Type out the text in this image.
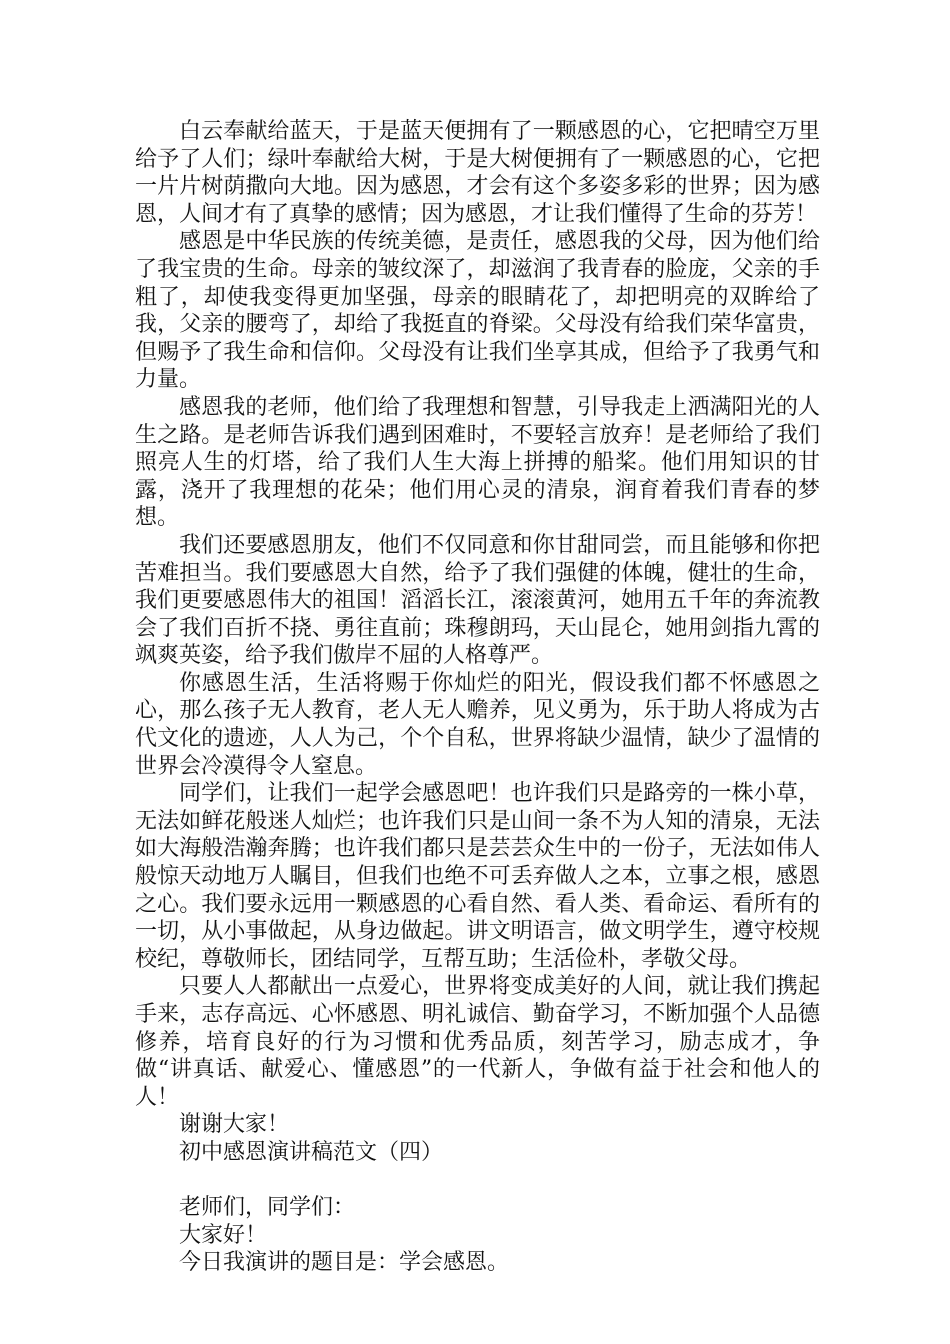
白云奉献给蓝天，于是蓝天便拥有了一颗感恩的心，它把晴空万里给予了人们；绿叶奉献给大树，于是大树便拥有了一颗感恩的心，它把一片片树荫撒向大地。因为感恩，才会有这个多姿多彩的世界；因为感恩，人间才有了真挚的感情；因为感恩，才让我们懂得了生命的芬芳！

感恩是中华民族的传统美德，是责任，感恩我的父母，因为他们给了我宝贵的生命。母亲的皱纹深了，却滋润了我青春的脸庞，父亲的手粗了，却使我变得更加坚强，母亲的眼睛花了，却把明亮的双眸给了我，父亲的腰弯了，却给了我挺直的脊梁。父母没有给我们荣华富贵，但赐予了我生命和信仰。父母没有让我们坐享其成，但给予了我勇气和力量。

感恩我的老师，他们给了我理想和智慧，引导我走上洒满阳光的人生之路。是老师告诉我们遇到困难时，不要轻言放弃！是老师给了我们照亮人生的灯塔，给了我们人生大海上拼搏的船桨。他们用知识的甘露，浇开了我理想的花朵；他们用心灵的清泉，润育着我们青春的梦想。

我们还要感恩朋友，他们不仅同意和你甘甜同尝，而且能够和你把苦难担当。我们要感恩大自然，给予了我们强健的体魄，健壮的生命，我们更要感恩伟大的祖国！滔滔长江，滚滚黄河，她用五千年的奔流教会了我们百折不挠、勇往直前；珠穆朗玛，天山昆仑，她用剑指九霄的飒爽英姿，给予我们傲岸不屈的人格尊严。

你感恩生活，生活将赐于你灿烂的阳光，假设我们都不怀感恩之心，那么孩子无人教育，老人无人赡养，见义勇为，乐于助人将成为古代文化的遗迹，人人为己，个个自私，世界将缺少温情，缺少了温情的世界会冷漠得令人窒息。

同学们，让我们一起学会感恩吧！也许我们只是路旁的一株小草，无法如鲜花般迷人灿烂；也许我们只是山间一条不为人知的清泉，无法如大海般浩瀚奔腾；也许我们都只是芸芸众生中的一份子，无法如伟人般惊天动地万人瞩目，但我们也绝不可丢弃做人之本，立事之根，感恩之心。我们要永远用一颗感恩的心看自然、看人类、看命运、看所有的一切，从小事做起，从身边做起。讲文明语言，做文明学生，遵守校规校纪，尊敬师长，团结同学，互帮互助；生活俭朴，孝敬父母。

只要人人都献出一点爱心，世界将变成美好的人间，就让我们携起手来，志存高远、心怀感恩、明礼诚信、勤奋学习，不断加强个人品德修养，培育良好的行为习惯和优秀品质，刻苦学习，励志成才，争做“讲真话、献爱心、懂感恩”的一代新人，争做有益于社会和他人的人！

谢谢大家！

初中感恩演讲稿范文（四）

老师们，同学们：

大家好！

今日我演讲的题目是：学会感恩。
